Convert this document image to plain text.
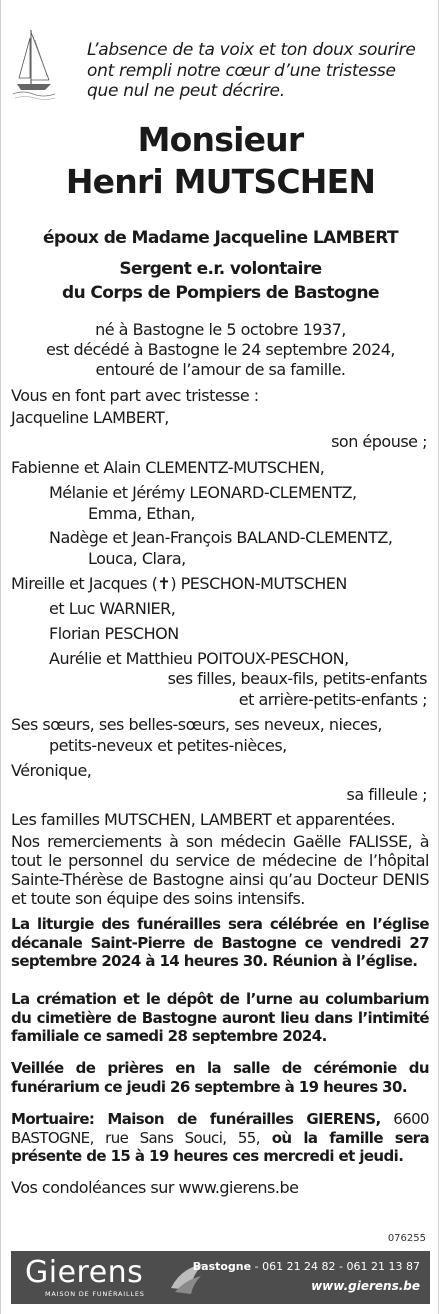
L’absence de ta voix et ton doux sourire
ont rempli notre cœur d’une tristesse
que nul ne peut décrire.
Monsieur
Henri MUTSCHEN
époux de Madame Jacqueline LAMBERT
Sergent e.r. volontaire
du Corps de Pompiers de Bastogne
né à Bastogne le 5 octobre 1937,
est décédé à Bastogne le 24 septembre 2024,
entouré de l’amour de sa famille.
Vous en font part avec tristesse :
Jacqueline LAMBERT,
son épouse ;
Fabienne et Alain CLEMENTZ-MUTSCHEN,
Mélanie et Jérémy LEONARD-CLEMENTZ,
Emma, Ethan,
Nadège et Jean-François BALAND-CLEMENTZ,
Louca, Clara,
Mireille et Jacques (✝) PESCHON-MUTSCHEN
et Luc WARNIER,
Florian PESCHON
Aurélie et Matthieu POITOUX-PESCHON,
ses filles, beaux-fils, petits-enfants
et arrière-petits-enfants ;
Ses sœurs, ses belles-sœurs, ses neveux, nieces,
petits-neveux et petites-nièces,
Véronique,
sa filleule ;
Les familles MUTSCHEN, LAMBERT et apparentées.
Nos remerciements à son médecin Gaëlle FALISSE, à tout le personnel du service de médecine de l’hôpital Sainte-Thérèse de Bastogne ainsi qu’au Docteur DENIS et toute son équipe des soins intensifs.
La liturgie des funérailles sera célébrée en l’église décanale Saint-Pierre de Bastogne ce vendredi 27 septembre 2024 à 14 heures 30. Réunion à l’église.
La crémation et le dépôt de l’urne au columbarium du cimetière de Bastogne auront lieu dans l’intimité familiale ce samedi 28 septembre 2024.
Veillée de prières en la salle de cérémonie du funérarium ce jeudi 26 septembre à 19 heures 30.
Mortuaire: Maison de funérailles GIERENS, 6600 BASTOGNE, rue Sans Souci, 55, où la famille sera présente de 15 à 19 heures ces mercredi et jeudi.
Vos condoléances sur www.gierens.be
076255
Gierens
MAISON DE FUNÉRAILLES
Bastogne - 061 21 24 82 - 061 21 13 87
www.gierens.be
